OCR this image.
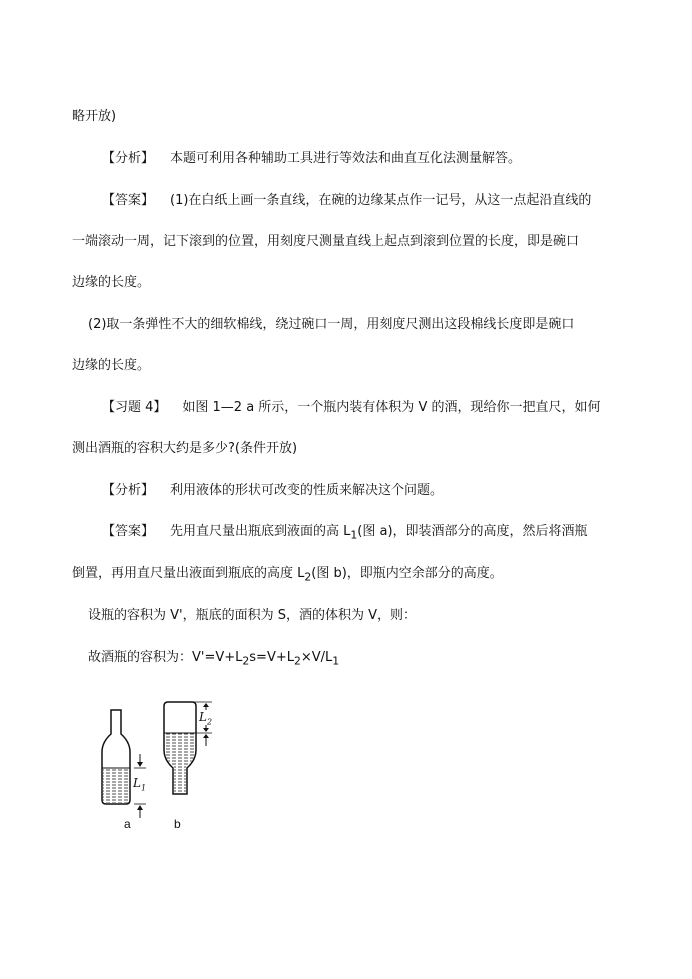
略开放)
【分析】 本题可利用各种辅助工具进行等效法和曲直互化法测量解答。
【答案】 (1)在白纸上画一条直线，在碗的边缘某点作一记号，从这一点起沿直线的
一端滚动一周，记下滚到的位置，用刻度尺测量直线上起点到滚到位置的长度，即是碗口
边缘的长度。
(2)取一条弹性不大的细软棉线，绕过碗口一周，用刻度尺测出这段棉线长度即是碗口
边缘的长度。
【习题 4】 如图 1—2 a 所示，一个瓶内装有体积为 V 的酒，现给你一把直尺，如何
测出酒瓶的容积大约是多少?(条件开放)
【分析】 利用液体的形状可改变的性质来解决这个问题。
【答案】 先用直尺量出瓶底到液面的高 $L_1$(图 a)，即装酒部分的高度，然后将酒瓶
倒置，再用直尺量出液面到瓶底的高度 $L_2$(图 b)，即瓶内空余部分的高度。
设瓶的容积为 V'，瓶底的面积为 S，酒的体积为 V，则：
故酒瓶的容积为：$V'=V+L_2s=V+L_2\times V/L_1$
$L_1$
$L_2$
a	b
